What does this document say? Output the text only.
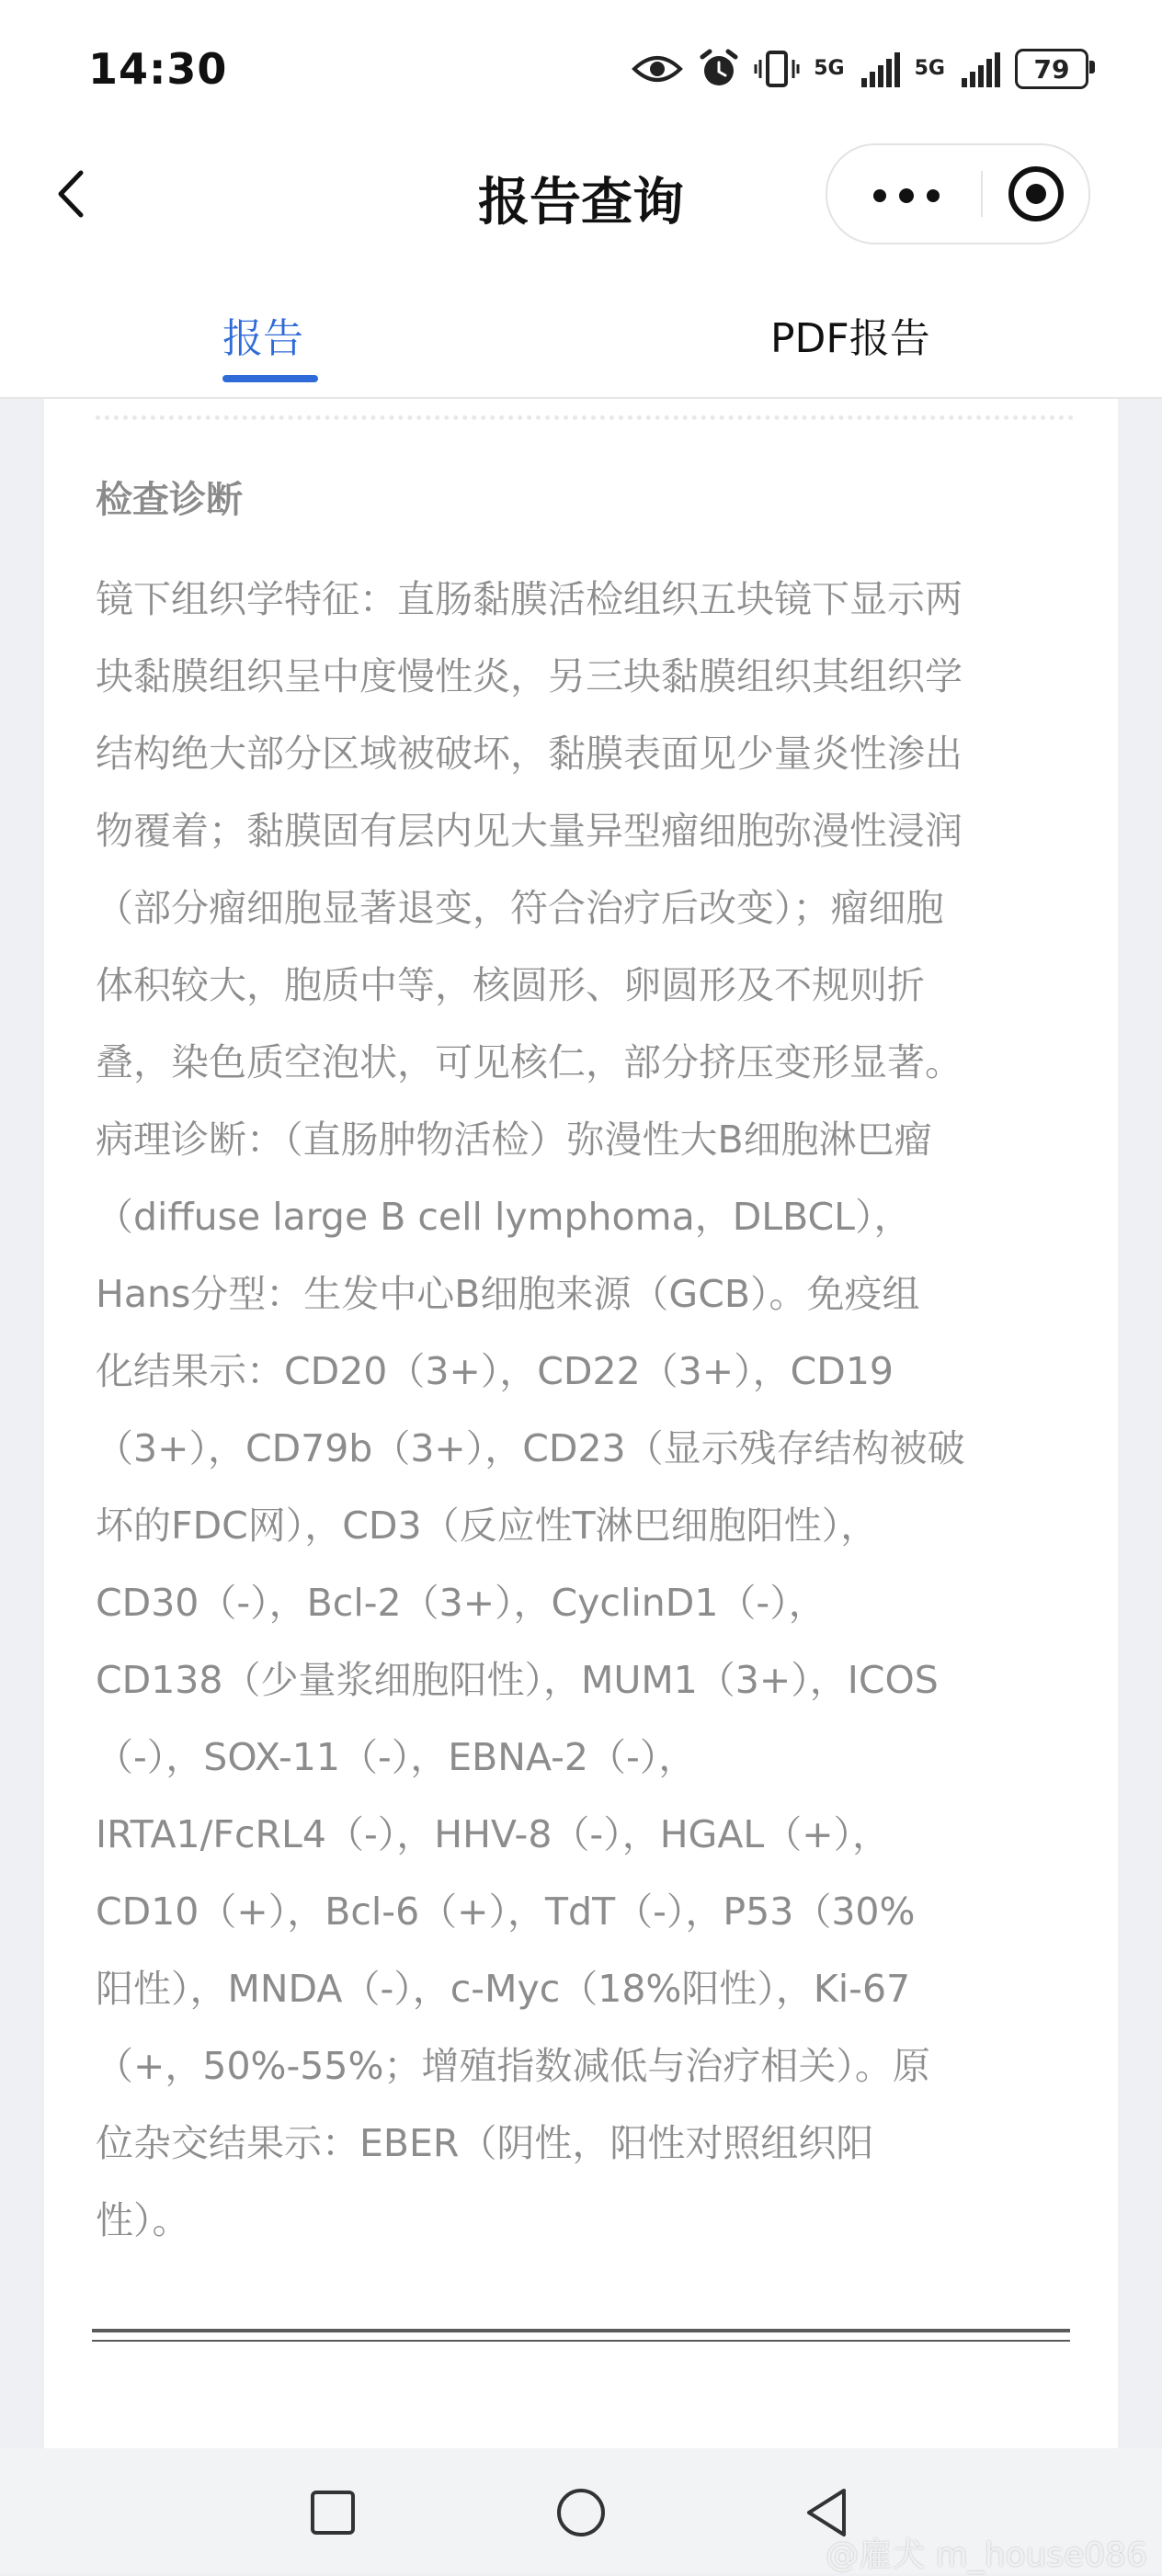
14:30	5G	5G	79
报告查询
报告	PDF报告
检查诊断
镜下组织学特征：直肠黏膜活检组织五块镜下显示两
块黏膜组织呈中度慢性炎，另三块黏膜组织其组织学
结构绝大部分区域被破坏，黏膜表面见少量炎性渗出
物覆着；黏膜固有层内见大量异型瘤细胞弥漫性浸润
（部分瘤细胞显著退变，符合治疗后改变）；瘤细胞
体积较大，胞质中等，核圆形、卵圆形及不规则折
叠，染色质空泡状，可见核仁，部分挤压变形显著。
病理诊断：（直肠肿物活检）弥漫性大B细胞淋巴瘤
（diffuse large B cell lymphoma，DLBCL），
Hans分型：生发中心B细胞来源（GCB）。免疫组
化结果示：CD20（3+），CD22（3+），CD19
（3+），CD79b（3+），CD23（显示残存结构被破
坏的FDC网），CD3（反应性T淋巴细胞阳性），
CD30（-），Bcl-2（3+），CyclinD1（-），
CD138（少量浆细胞阳性），MUM1（3+），ICOS
（-），SOX-11（-），EBNA-2（-），
IRTA1/FcRL4（-），HHV-8（-），HGAL（+），
CD10（+），Bcl-6（+），TdT（-），P53（30%
阳性），MNDA（-），c-Myc（18%阳性），Ki-67
（+，50%-55%；增殖指数减低与治疗相关）。原
位杂交结果示：EBER（阴性，阳性对照组织阳
性）。
@雇犬 m_house086
